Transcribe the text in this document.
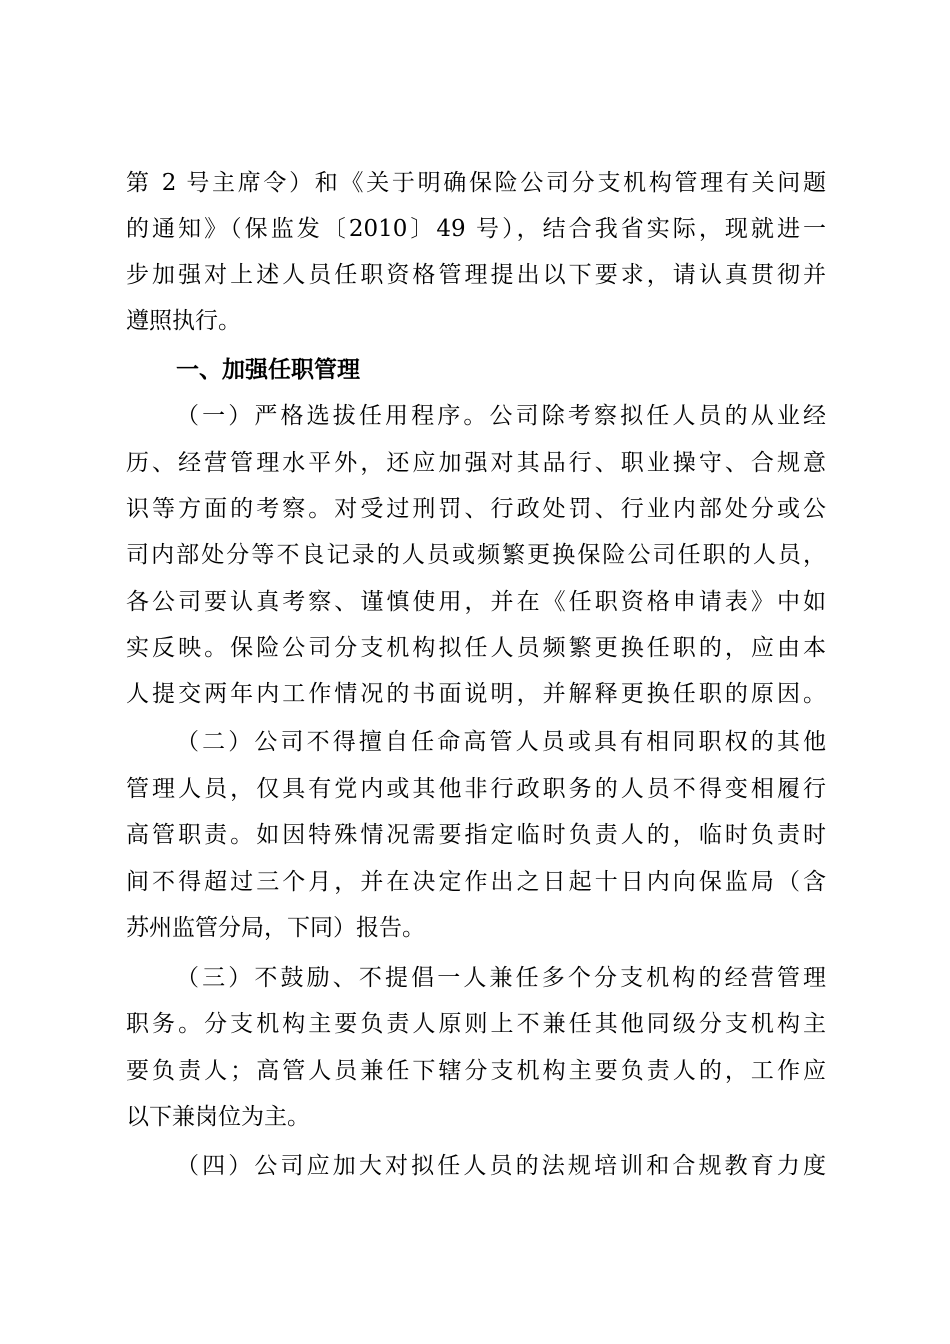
第 2 号主席令）和《关于明确保险公司分支机构管理有关问题
的通知》（保监发〔2010〕49 号），结合我省实际，现就进一
步加强对上述人员任职资格管理提出以下要求，请认真贯彻并
遵照执行。
一、加强任职管理
（一）严格选拔任用程序。公司除考察拟任人员的从业经
历、经营管理水平外，还应加强对其品行、职业操守、合规意
识等方面的考察。对受过刑罚、行政处罚、行业内部处分或公
司内部处分等不良记录的人员或频繁更换保险公司任职的人员，
各公司要认真考察、谨慎使用，并在《任职资格申请表》中如
实反映。保险公司分支机构拟任人员频繁更换任职的，应由本
人提交两年内工作情况的书面说明，并解释更换任职的原因。
（二）公司不得擅自任命高管人员或具有相同职权的其他
管理人员，仅具有党内或其他非行政职务的人员不得变相履行
高管职责。如因特殊情况需要指定临时负责人的，临时负责时
间不得超过三个月，并在决定作出之日起十日内向保监局（含
苏州监管分局，下同）报告。
（三）不鼓励、不提倡一人兼任多个分支机构的经营管理
职务。分支机构主要负责人原则上不兼任其他同级分支机构主
要负责人；高管人员兼任下辖分支机构主要负责人的，工作应
以下兼岗位为主。
（四）公司应加大对拟任人员的法规培训和合规教育力度
